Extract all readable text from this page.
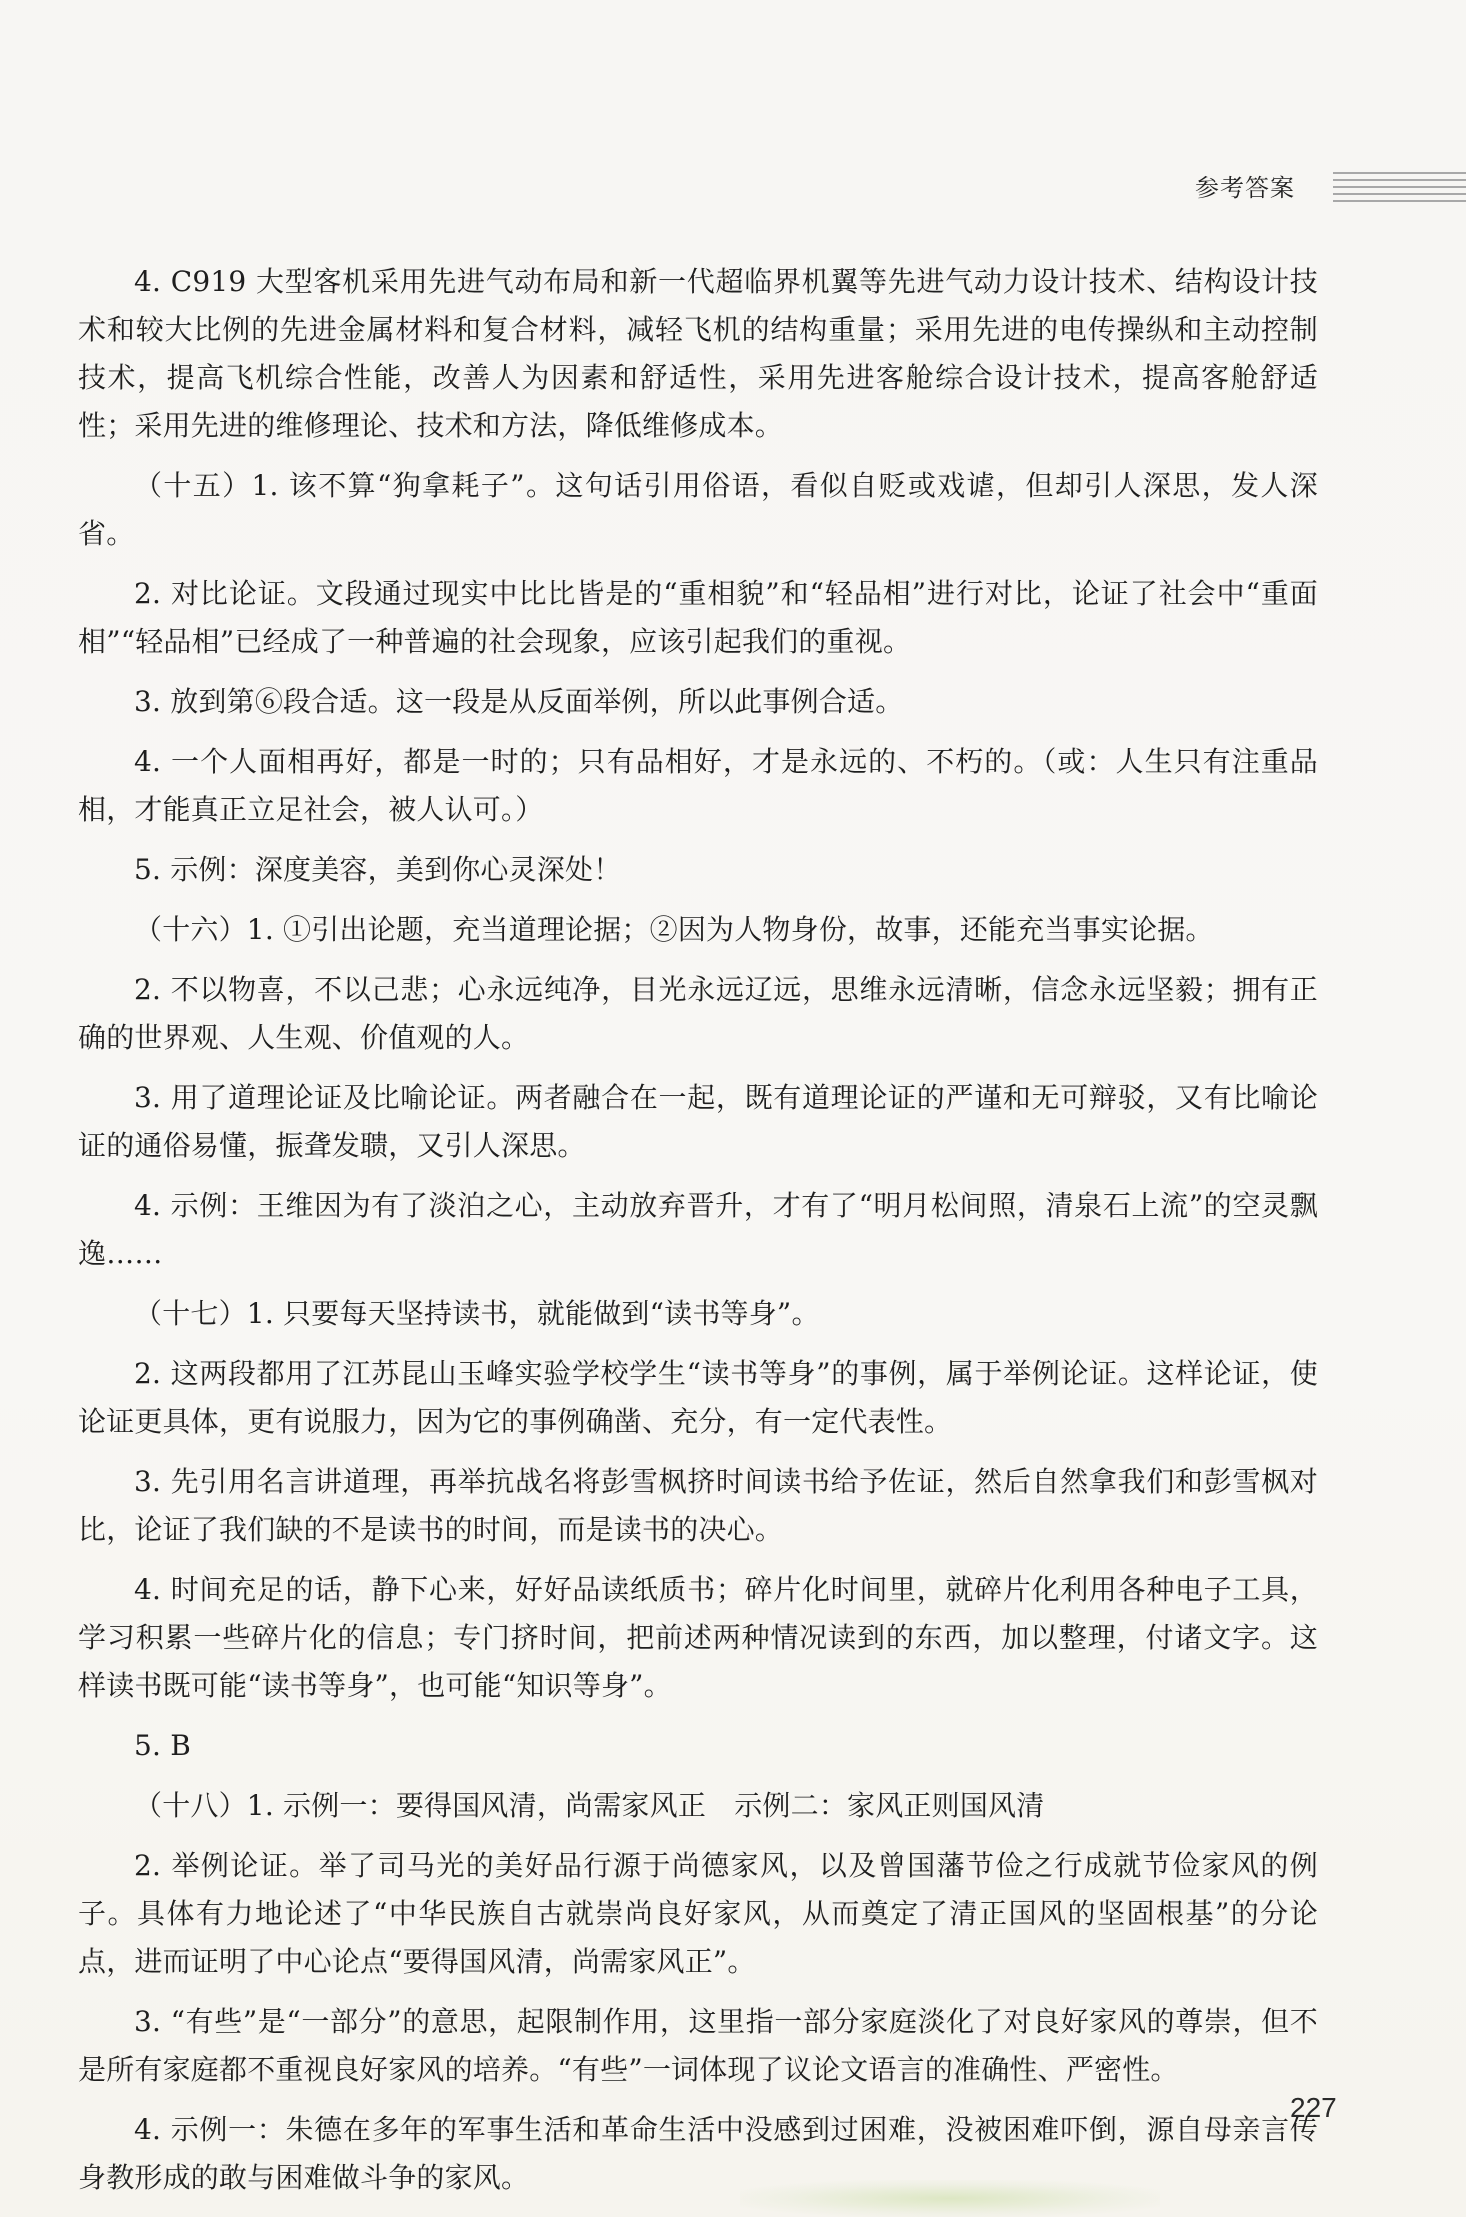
参考答案

4. C919 大型客机采用先进气动布局和新一代超临界机翼等先进气动力设计技术、结构设计技术和较大比例的先进金属材料和复合材料，减轻飞机的结构重量；采用先进的电传操纵和主动控制技术，提高飞机综合性能，改善人为因素和舒适性，采用先进客舱综合设计技术，提高客舱舒适性；采用先进的维修理论、技术和方法，降低维修成本。

（十五）1. 该不算“狗拿耗子”。这句话引用俗语，看似自贬或戏谑，但却引人深思，发人深省。

2. 对比论证。文段通过现实中比比皆是的“重相貌”和“轻品相”进行对比，论证了社会中“重面相”“轻品相”已经成了一种普遍的社会现象，应该引起我们的重视。

3. 放到第⑥段合适。这一段是从反面举例，所以此事例合适。

4. 一个人面相再好，都是一时的；只有品相好，才是永远的、不朽的。（或：人生只有注重品相，才能真正立足社会，被人认可。）

5. 示例：深度美容，美到你心灵深处！

（十六）1. ①引出论题，充当道理论据；②因为人物身份，故事，还能充当事实论据。

2. 不以物喜，不以己悲；心永远纯净，目光永远辽远，思维永远清晰，信念永远坚毅；拥有正确的世界观、人生观、价值观的人。

3. 用了道理论证及比喻论证。两者融合在一起，既有道理论证的严谨和无可辩驳，又有比喻论证的通俗易懂，振聋发聩，又引人深思。

4. 示例：王维因为有了淡泊之心，主动放弃晋升，才有了“明月松间照，清泉石上流”的空灵飘逸……

（十七）1. 只要每天坚持读书，就能做到“读书等身”。

2. 这两段都用了江苏昆山玉峰实验学校学生“读书等身”的事例，属于举例论证。这样论证，使论证更具体，更有说服力，因为它的事例确凿、充分，有一定代表性。

3. 先引用名言讲道理，再举抗战名将彭雪枫挤时间读书给予佐证，然后自然拿我们和彭雪枫对比，论证了我们缺的不是读书的时间，而是读书的决心。

4. 时间充足的话，静下心来，好好品读纸质书；碎片化时间里，就碎片化利用各种电子工具，学习积累一些碎片化的信息；专门挤时间，把前述两种情况读到的东西，加以整理，付诸文字。这样读书既可能“读书等身”，也可能“知识等身”。

5. B

（十八）1. 示例一：要得国风清，尚需家风正　示例二：家风正则国风清

2. 举例论证。举了司马光的美好品行源于尚德家风，以及曾国藩节俭之行成就节俭家风的例子。具体有力地论述了“中华民族自古就崇尚良好家风，从而奠定了清正国风的坚固根基”的分论点，进而证明了中心论点“要得国风清，尚需家风正”。

3. “有些”是“一部分”的意思，起限制作用，这里指一部分家庭淡化了对良好家风的尊崇，但不是所有家庭都不重视良好家风的培养。“有些”一词体现了议论文语言的准确性、严密性。

4. 示例一：朱德在多年的军事生活和革命生活中没感到过困难，没被困难吓倒，源自母亲言传身教形成的敢与困难做斗争的家风。

227
